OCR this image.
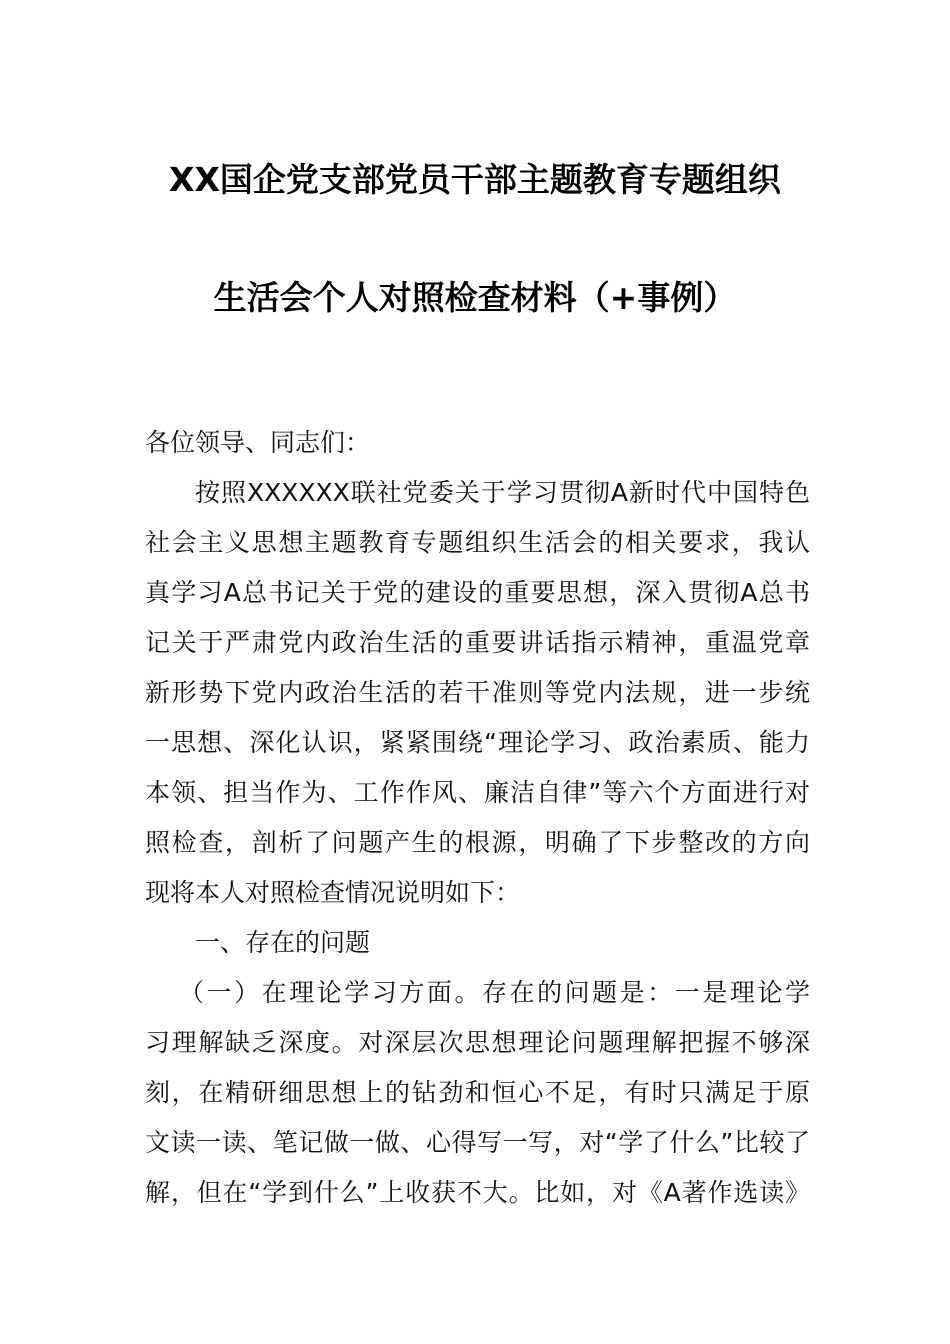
XX国企党支部党员干部主题教育专题组织
生活会个人对照检查材料（+事例）
各位领导、同志们：
按照XXXXXX联社党委关于学习贯彻A新时代中国特色
社会主义思想主题教育专题组织生活会的相关要求，我认
真学习A总书记关于党的建设的重要思想，深入贯彻A总书
记关于严肃党内政治生活的重要讲话指示精神，重温党章
新形势下党内政治生活的若干准则等党内法规，进一步统
一思想、深化认识，紧紧围绕“理论学习、政治素质、能力
本领、担当作为、工作作风、廉洁自律”等六个方面进行对
照检查，剖析了问题产生的根源，明确了下步整改的方向
现将本人对照检查情况说明如下：
一、存在的问题
（一）在理论学习方面。存在的问题是：一是理论学
习理解缺乏深度。对深层次思想理论问题理解把握不够深
刻，在精研细思想上的钻劲和恒心不足，有时只满足于原
文读一读、笔记做一做、心得写一写，对“学了什么”比较了
解，但在“学到什么”上收获不大。比如，对《A著作选读》
